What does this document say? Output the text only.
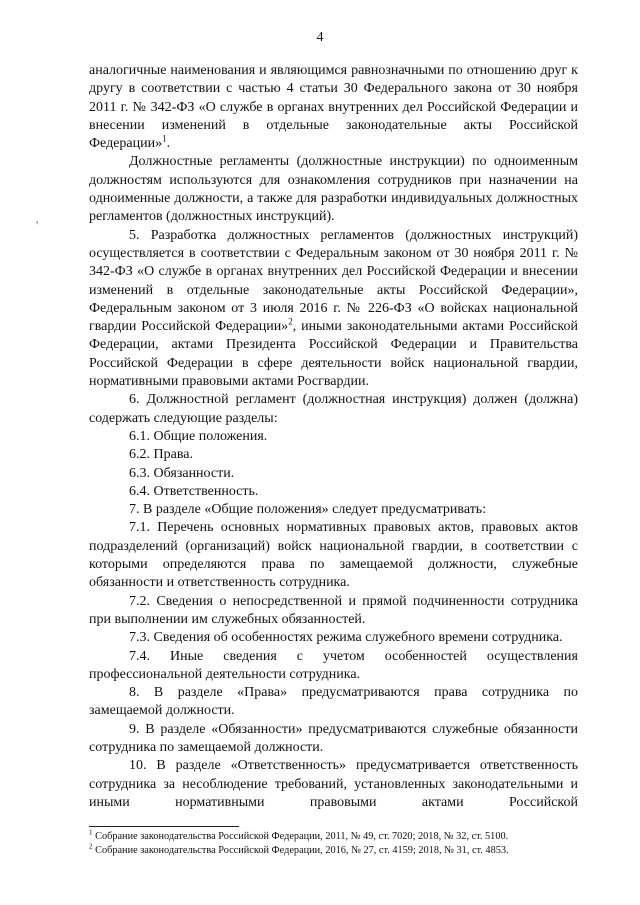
4
,

аналогичные наименования и являющимся равнозначными по отношению друг к другу в соответствии с частью 4 статьи 30 Федерального закона от 30 ноября 2011 г. № 342-ФЗ «О службе в органах внутренних дел Российской Федерации и внесении изменений в отдельные законодательные акты Российской Федерации»$^1$.

Должностные регламенты (должностные инструкции) по одноименным должностям используются для ознакомления сотрудников при назначении на одноименные должности, а также для разработки индивидуальных должностных регламентов (должностных инструкций).

5. Разработка должностных регламентов (должностных инструкций) осуществляется в соответствии с Федеральным законом от 30 ноября 2011 г. № 342-ФЗ «О службе в органах внутренних дел Российской Федерации и внесении изменений в отдельные законодательные акты Российской Федерации», Федеральным законом от 3 июля 2016 г. № 226-ФЗ «О войсках национальной гвардии Российской Федерации»$^2$, иными законодательными актами Российской Федерации, актами Президента Российской Федерации и Правительства Российской Федерации в сфере деятельности войск национальной гвардии, нормативными правовыми актами Росгвардии.

6. Должностной регламент (должностная инструкция) должен (должна) содержать следующие разделы:

6.1. Общие положения.

6.2. Права.

6.3. Обязанности.

6.4. Ответственность.

7. В разделе «Общие положения» следует предусматривать:

7.1. Перечень основных нормативных правовых актов, правовых актов подразделений (организаций) войск национальной гвардии, в соответствии с которыми определяются права по замещаемой должности, служебные обязанности и ответственность сотрудника.

7.2. Сведения о непосредственной и прямой подчиненности сотрудника при выполнении им служебных обязанностей.

7.3. Сведения об особенностях режима служебного времени сотрудника.

7.4. Иные сведения с учетом особенностей осуществления профессиональной деятельности сотрудника.

8. В разделе «Права» предусматриваются права сотрудника по замещаемой должности.

9. В разделе «Обязанности» предусматриваются служебные обязанности сотрудника по замещаемой должности.

10. В разделе «Ответственность» предусматривается ответственность сотрудника за несоблюдение требований, установленных законодательными и иными нормативными правовыми актами Российской

$^1$ Собрание законодательства Российской Федерации, 2011, № 49, ст. 7020; 2018, № 32, ст. 5100.

$^2$ Собрание законодательства Российской Федерации, 2016, № 27, ст. 4159; 2018, № 31, ст. 4853.
